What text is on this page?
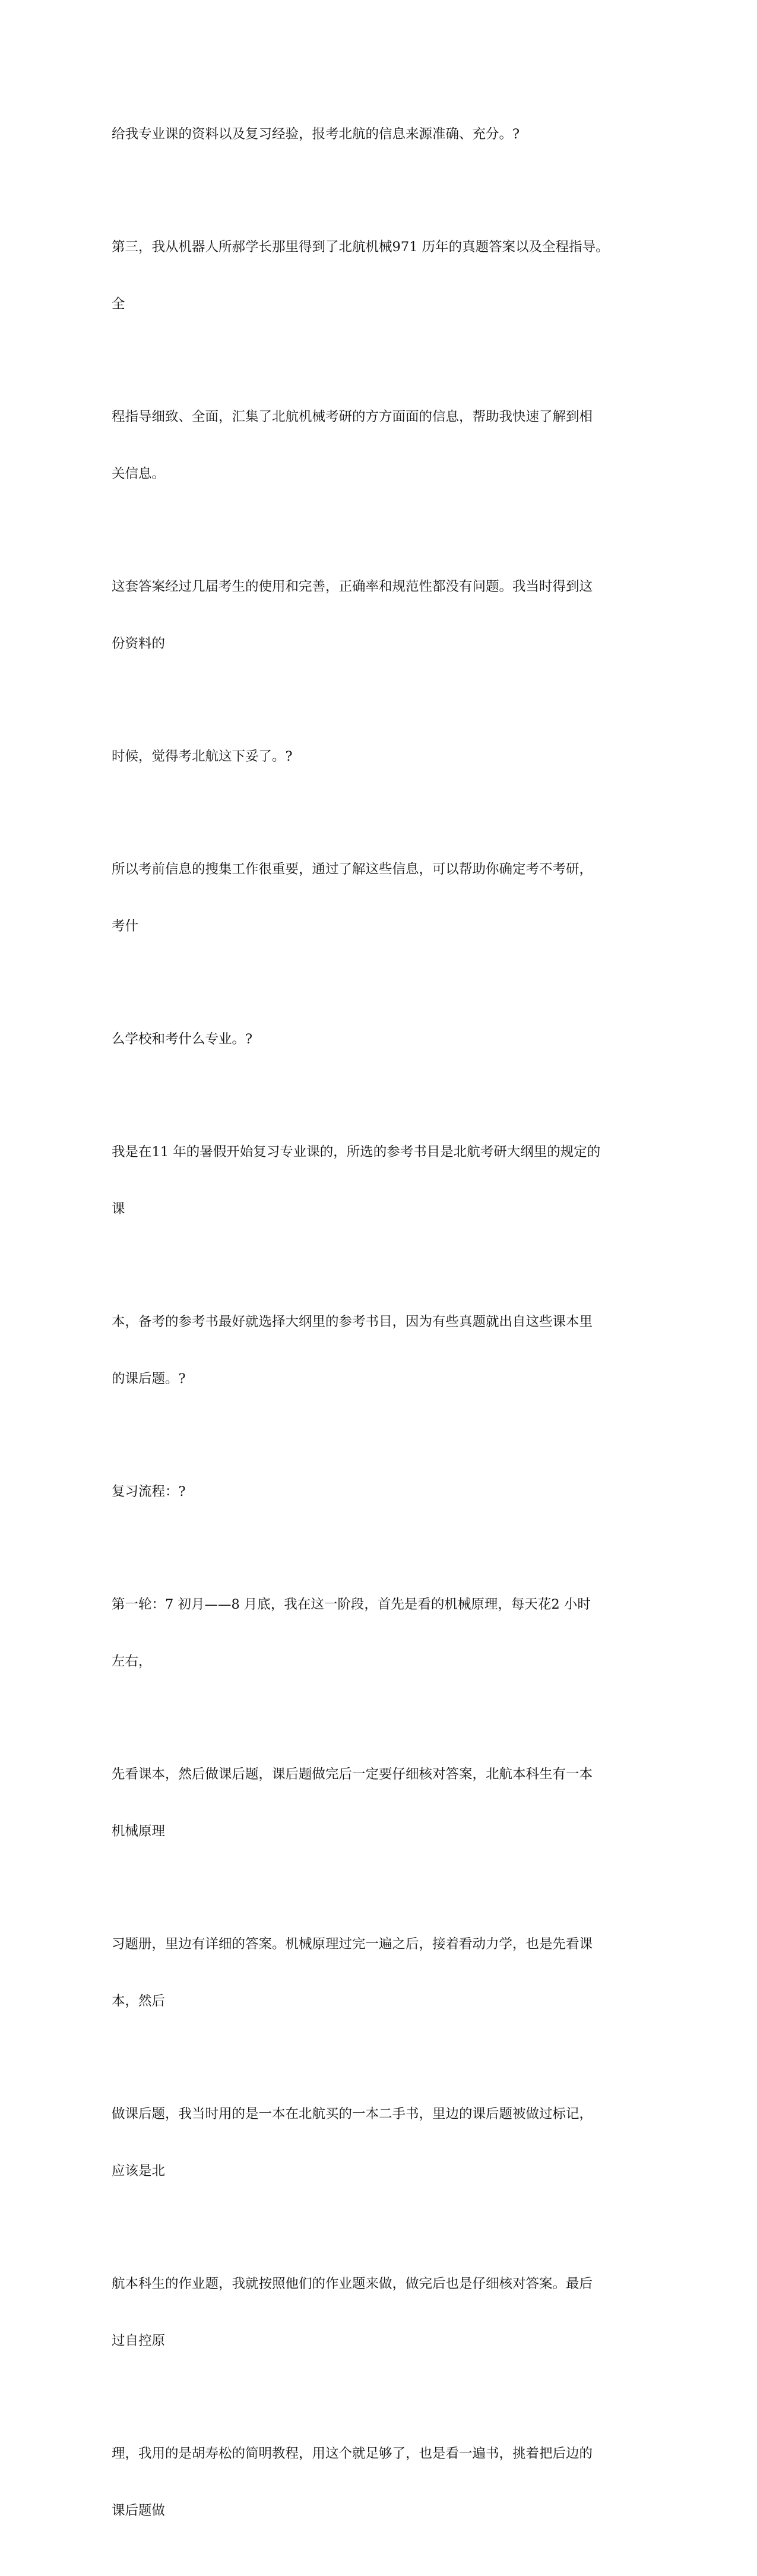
给我专业课的资料以及复习经验，报考北航的信息来源准确、充分。?

第三，我从机器人所郝学长那里得到了北航机械971 历年的真题答案以及全程指导。

全

程指导细致、全面，汇集了北航机械考研的方方面面的信息，帮助我快速了解到相

关信息。

这套答案经过几届考生的使用和完善，正确率和规范性都没有问题。我当时得到这

份资料的

时候，觉得考北航这下妥了。?

所以考前信息的搜集工作很重要，通过了解这些信息，可以帮助你确定考不考研，

考什

么学校和考什么专业。?

我是在11 年的暑假开始复习专业课的，所选的参考书目是北航考研大纲里的规定的

课

本，备考的参考书最好就选择大纲里的参考书目，因为有些真题就出自这些课本里

的课后题。?

复习流程：?

第一轮：7 初月——8 月底，我在这一阶段，首先是看的机械原理，每天花2 小时

左右，

先看课本，然后做课后题，课后题做完后一定要仔细核对答案，北航本科生有一本

机械原理

习题册，里边有详细的答案。机械原理过完一遍之后，接着看动力学，也是先看课

本，然后

做课后题，我当时用的是一本在北航买的一本二手书，里边的课后题被做过标记，

应该是北

航本科生的作业题，我就按照他们的作业题来做，做完后也是仔细核对答案。最后

过自控原

理，我用的是胡寿松的简明教程，用这个就足够了，也是看一遍书，挑着把后边的

课后题做
